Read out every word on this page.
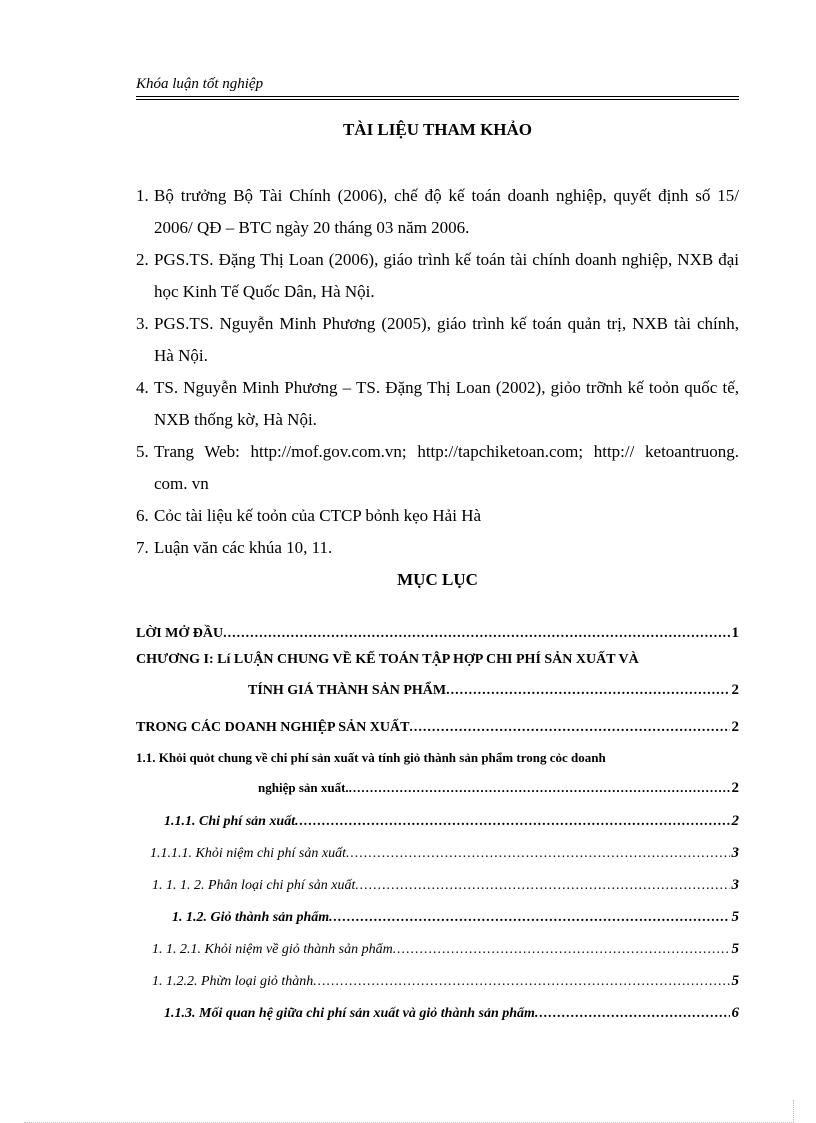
Khóa luận tốt nghiệp
TÀI LIỆU THAM KHẢO
1. Bộ trưởng Bộ Tài Chính (2006), chế độ kế toán doanh nghiệp, quyết định số 15/ 2006/ QĐ – BTC ngày 20 tháng 03 năm 2006.
2. PGS.TS. Đặng Thị Loan (2006), giáo trình kế toán tài chính doanh nghiệp, NXB đại học Kinh Tế Quốc Dân, Hà Nội.
3. PGS.TS. Nguyễn Minh Phương (2005), giáo trình kế toán quản trị, NXB tài chính, Hà Nội.
4. TS. Nguyễn Minh Phương – TS. Đặng Thị Loan (2002), giỏo trỡnh kế toỏn quốc tế, NXB thống kờ, Hà Nội.
5. Trang Web: http://mof.gov.com.vn; http://tapchiketoan.com; http:// ketoantruong. com. vn
6. Cỏc tài liệu kế toỏn của CTCP bỏnh kẹo Hải Hà
7. Luận văn các khúa 10, 11.
MỤC LỤC
LỜI MỞ ĐẦU .....	1
CHƯƠNG I: Lí LUẬN CHUNG VỀ KẾ TOÁN TẬP HỢP CHI PHÍ SẢN XUẤT VÀ
TÍNH GIÁ THÀNH SẢN PHẨM .....	2
TRONG CÁC DOANH NGHIỆP SẢN XUẤT .....	2
1.1. Khỏi quỏt chung về chi phí sản xuất và tính giỏ thành sản phẩm trong cỏc doanh
nghiệp sản xuất. .....	2
1.1.1. Chi phí sản xuất .....	2
1.1.1.1. Khỏi niệm chi phí sản xuất .....	3
1. 1. 1. 2. Phân loại chi phí sản xuất .....	3
1. 1.2. Giỏ thành sản phẩm .....	5
1. 1. 2.1. Khỏi niệm về giỏ thành sản phẩm .....	5
1. 1.2.2. Phừn loại giỏ thành .....	5
1.1.3. Mối quan hệ giữa chi phí sản xuất và giỏ thành sản phẩm .....	6
